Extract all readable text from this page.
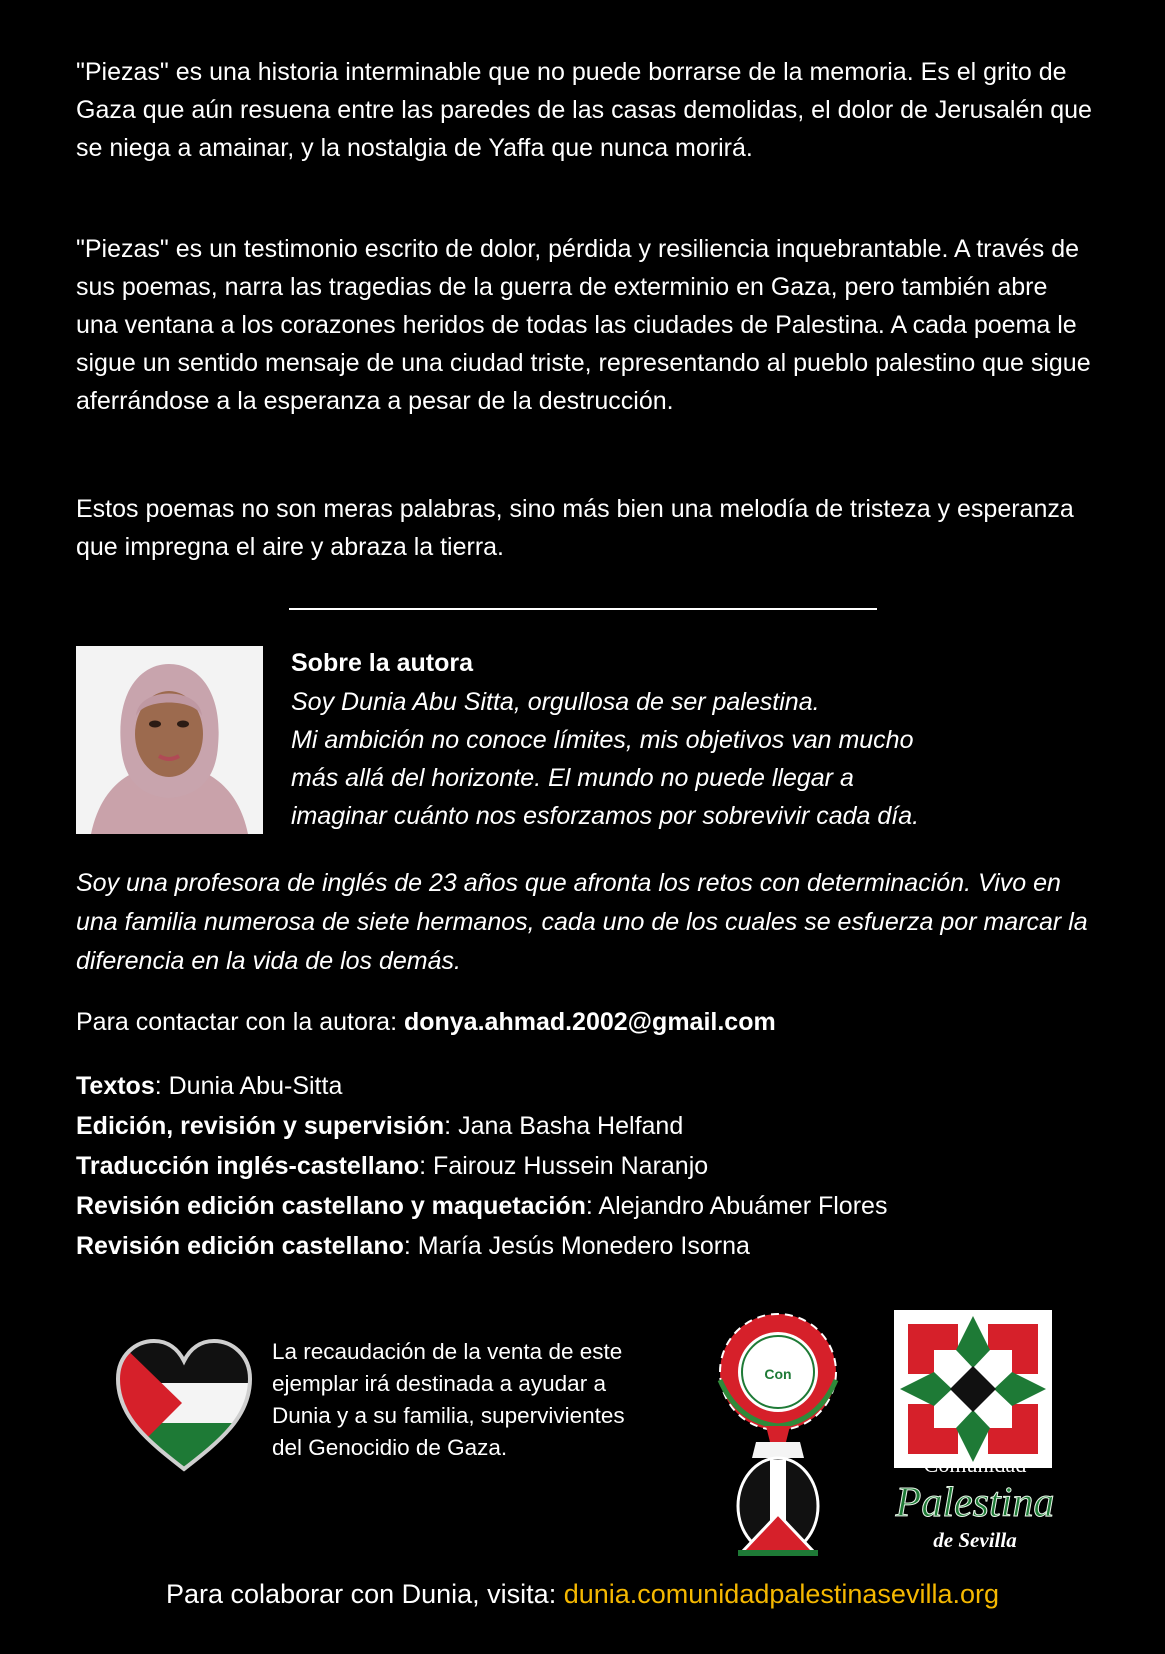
"Piezas" es una historia interminable que no puede borrarse de la memoria. Es el grito de Gaza que aún resuena entre las paredes de las casas demolidas, el dolor de Jerusalén que se niega a amainar, y la nostalgia de Yaffa que nunca morirá.

"Piezas" es un testimonio escrito de dolor, pérdida y resiliencia inquebrantable. A través de sus poemas, narra las tragedias de la guerra de exterminio en Gaza, pero también abre una ventana a los corazones heridos de todas las ciudades de Palestina. A cada poema le sigue un sentido mensaje de una ciudad triste, representando al pueblo palestino que sigue aferrándose a la esperanza a pesar de la destrucción.

Estos poemas no son meras palabras, sino más bien una melodía de tristeza y esperanza que impregna el aire y abraza la tierra.

Sobre la autora

Soy Dunia Abu Sitta, orgullosa de ser palestina.
Mi ambición no conoce límites, mis objetivos van mucho
más allá del horizonte. El mundo no puede llegar a
imaginar cuánto nos esforzamos por sobrevivir cada día.

Soy una profesora de inglés de 23 años que afronta los retos con determinación. Vivo en una familia numerosa de siete hermanos, cada uno de los cuales se esfuerza por marcar la diferencia en la vida de los demás.

Para contactar con la autora: donya.ahmad.2002@gmail.com

Textos: Dunia Abu-Sitta
Edición, revisión y supervisión: Jana Basha Helfand
Traducción inglés-castellano: Fairouz Hussein Naranjo
Revisión edición castellano y maquetación: Alejandro Abuámer Flores
Revisión edición castellano: María Jesús Monedero Isorna

La recaudación de la venta de este ejemplar irá destinada a ayudar a Dunia y a su familia, supervivientes del Genocidio de Gaza.

Con

Comunidad
Palestina
de Sevilla

Para colaborar con Dunia, visita: dunia.comunidadpalestinasevilla.org
